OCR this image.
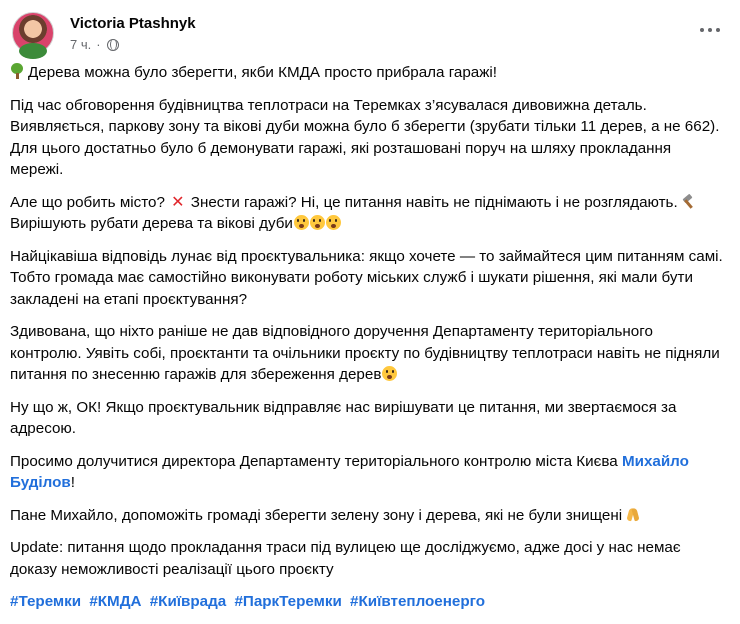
Victoria Ptashnyk
7 ч. ·

Дерева можна було зберегти, якби КМДА просто прибрала гаражі!

Під час обговорення будівництва теплотраси на Теремках з’ясувалася дивовижна деталь. Виявляється, паркову зону та вікові дуби можна було б зберегти (зрубати тільки 11 дерев, а не 662). Для цього достатньо було б демонувати гаражі, які розташовані поруч на шляху прокладання мережі.

Але що робить місто? ✕ Знести гаражі? Ні, це питання навіть не піднімають і не розглядають. Вирішують рубати дерева та вікові дуби

Найцікавіша відповідь лунає від проєктувальника: якщо хочете — то займайтеся цим питанням самі. Тобто громада має самостійно виконувати роботу міських служб і шукати рішення, які мали бути закладені на етапі проєктування?

Здивована, що ніхто раніше не дав відповідного доручення Департаменту територіального контролю. Уявіть собі, проєктанти та очільники проєкту по будівництву теплотраси навіть не підняли питання по знесенню гаражів для збереження дерев

Ну що ж, ОК! Якщо проєктувальник відправляє нас вирішувати це питання, ми звертаємося за адресою.

Просимо долучитися директора Департаменту територіального контролю міста Києва Михайло Буділов!

Пане Михайло, допоможіть громаді зберегти зелену зону і дерева, які не були знищені

Update: питання щодо прокладання траси під вулицею ще досліджуємо, адже досі у нас немає доказу неможливості реалізації цього проєкту

#Теремки #КМДА #Київрада #ПаркТеремки #Київтеплоенерго
